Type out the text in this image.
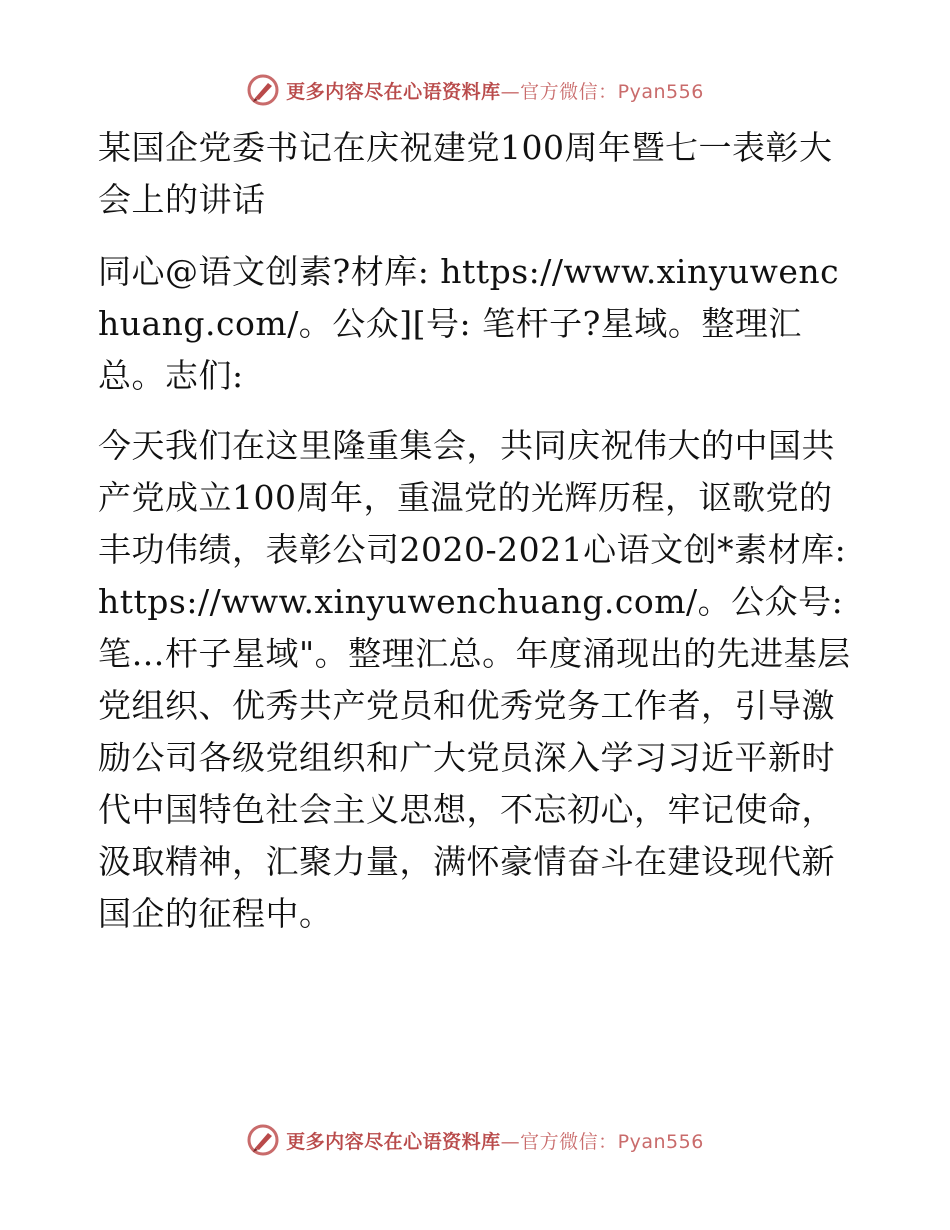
更多内容尽在心语资料库—官方微信：Pyan556

某国企党委书记在庆祝建党100周年暨七一表彰大会上的讲话

同心@语文创素?材库: https://www.xinyuwenchuang.com/。公众][号: 笔杆子?星域。整理汇总。志们:

今天我们在这里隆重集会，共同庆祝伟大的中国共产党成立100周年，重温党的光辉历程，讴歌党的丰功伟绩，表彰公司2020-2021心语文创*素材库: https://www.xinyuwenchuang.com/。公众号: 笔…杆子星域"。整理汇总。年度涌现出的先进基层党组织、优秀共产党员和优秀党务工作者，引导激励公司各级党组织和广大党员深入学习习近平新时代中国特色社会主义思想，不忘初心，牢记使命，汲取精神，汇聚力量，满怀豪情奋斗在建设现代新国企的征程中。

更多内容尽在心语资料库—官方微信：Pyan556
